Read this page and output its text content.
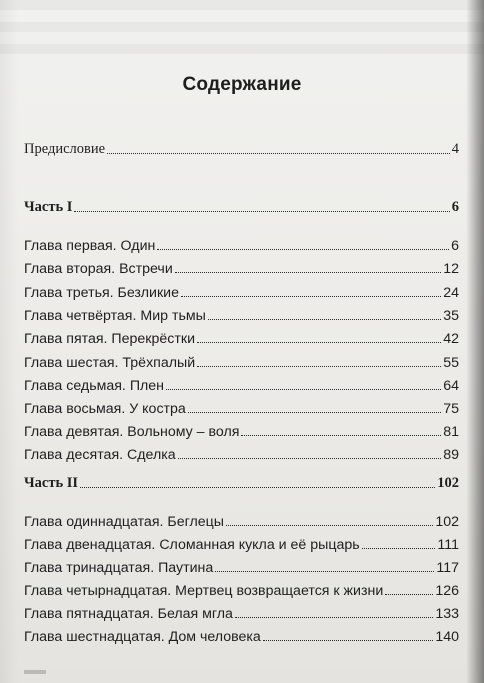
Содержание
Предисловие	4
Часть I	6
Глава первая. Один	6
Глава вторая. Встречи	12
Глава третья. Безликие	24
Глава четвёртая. Мир тьмы	35
Глава пятая. Перекрёстки	42
Глава шестая. Трёхпалый	55
Глава седьмая. Плен	64
Глава восьмая. У костра	75
Глава девятая. Вольному – воля	81
Глава десятая. Сделка	89
Часть II	102
Глава одиннадцатая. Беглецы	102
Глава двенадцатая. Сломанная кукла и её рыцарь	111
Глава тринадцатая. Паутина	117
Глава четырнадцатая. Мертвец возвращается к жизни	126
Глава пятнадцатая. Белая мгла	133
Глава шестнадцатая. Дом человека	140
